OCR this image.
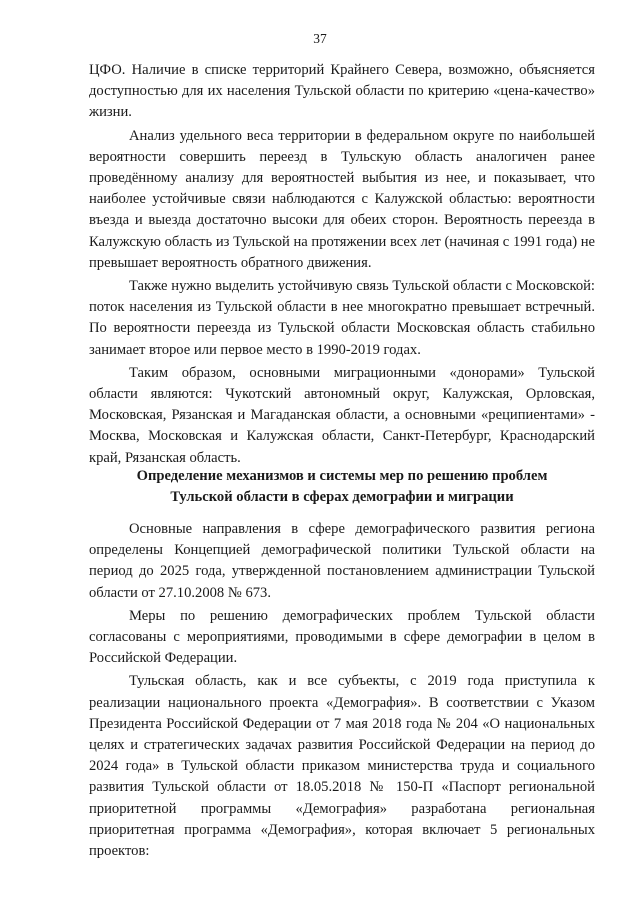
37

ЦФО. Наличие в списке территорий Крайнего Севера, возможно, объясняется доступностью для их населения Тульской области по критерию «цена-качество» жизни.

Анализ удельного веса территории в федеральном округе по наибольшей вероятности совершить переезд в Тульскую область аналогичен ранее проведённому анализу для вероятностей выбытия из нее, и показывает, что наиболее устойчивые связи наблюдаются с Калужской областью: вероятности въезда и выезда достаточно высоки для обеих сторон. Вероятность переезда в Калужскую область из Тульской на протяжении всех лет (начиная с 1991 года) не превышает вероятность обратного движения.

Также нужно выделить устойчивую связь Тульской области с Московской: поток населения из Тульской области в нее многократно превышает встречный. По вероятности переезда из Тульской области Московская область стабильно занимает второе или первое место в 1990-2019 годах.

Таким образом, основными миграционными «донорами» Тульской области являются: Чукотский автономный округ, Калужская, Орловская, Московская, Рязанская и Магаданская области, а основными «реципиентами» - Москва, Московская и Калужская области, Санкт-Петербург, Краснодарский край, Рязанская область.

Определение механизмов и системы мер по решению проблем
Тульской области в сферах демографии и миграции

Основные направления в сфере демографического развития региона определены Концепцией демографической политики Тульской области на период до 2025 года, утвержденной постановлением администрации Тульской области от 27.10.2008 № 673.

Меры по решению демографических проблем Тульской области согласованы с мероприятиями, проводимыми в сфере демографии в целом в Российской Федерации.

Тульская область, как и все субъекты, с 2019 года приступила к реализации национального проекта «Демография». В соответствии с Указом Президента Российской Федерации от 7 мая 2018 года № 204 «О национальных целях и стратегических задачах развития Российской Федерации на период до 2024 года» в Тульской области приказом министерства труда и социального развития Тульской области от 18.05.2018 № 150-П «Паспорт региональной приоритетной программы «Демография» разработана региональная приоритетная программа «Демография», которая включает 5 региональных проектов:
